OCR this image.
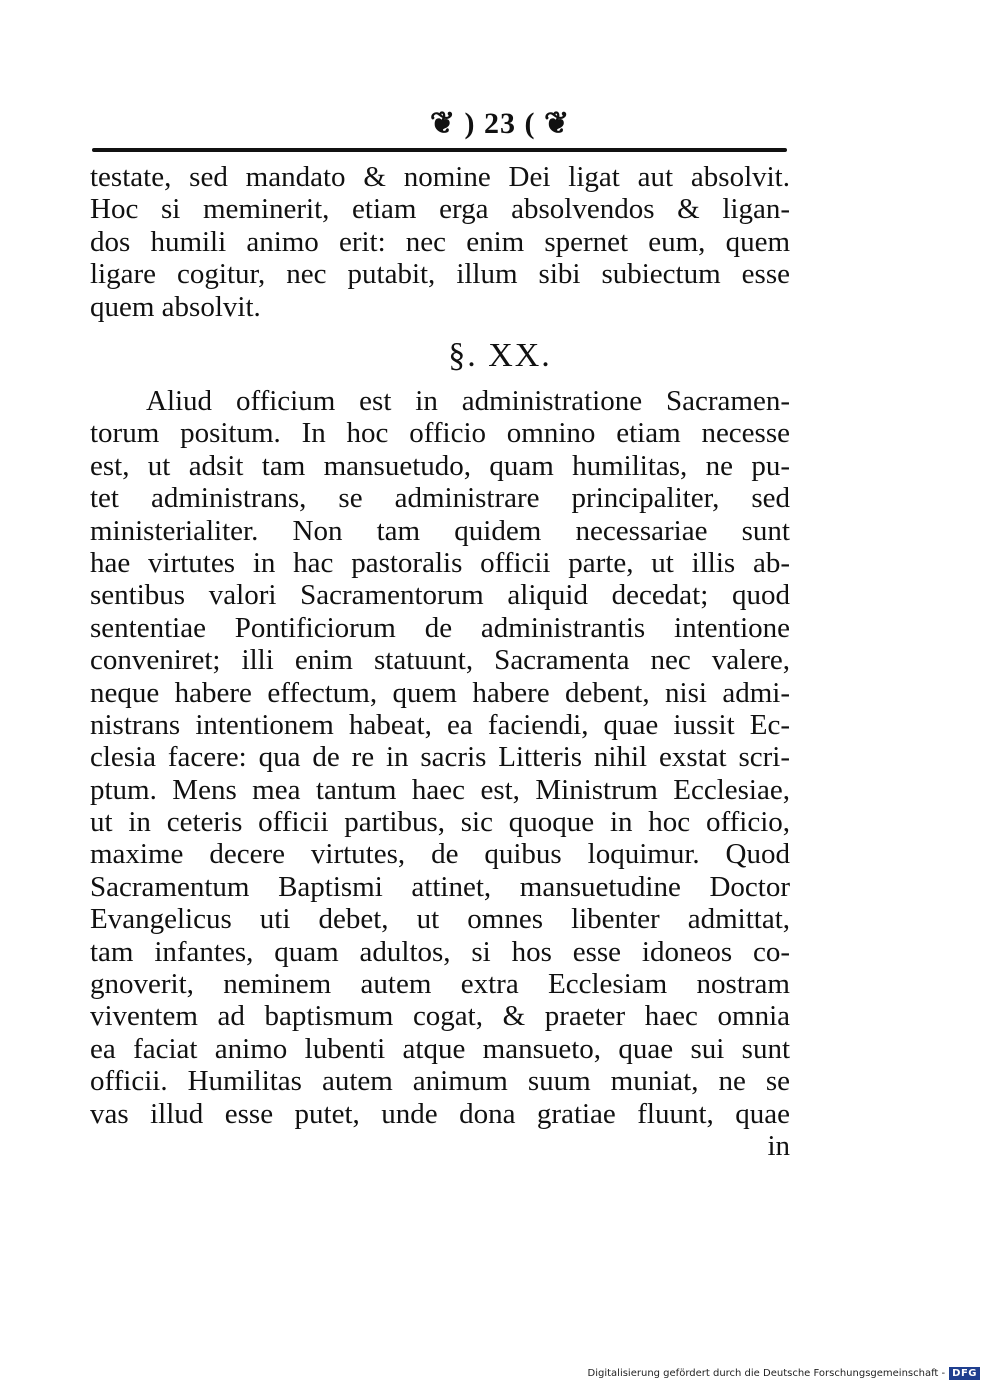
❦ ) 23 ( ❦
testate, sed mandato & nomine Dei ligat aut absolvit.
Hoc si meminerit, etiam erga absolvendos & ligan-
dos humili animo erit: nec enim spernet eum, quem
ligare cogitur, nec putabit, illum sibi subiectum esse
quem absolvit.
§. XX.
Aliud officium est in administratione Sacramen-
torum positum. In hoc officio omnino etiam necesse
est, ut adsit tam mansuetudo, quam humilitas, ne pu-
tet administrans, se administrare principaliter, sed
ministerialiter. Non tam quidem necessariae sunt
hae virtutes in hac pastoralis officii parte, ut illis ab-
sentibus valori Sacramentorum aliquid decedat; quod
sententiae Pontificiorum de administrantis intentione
conveniret; illi enim statuunt, Sacramenta nec valere,
neque habere effectum, quem habere debent, nisi admi-
nistrans intentionem habeat, ea faciendi, quae iussit Ec-
clesia facere: qua de re in sacris Litteris nihil exstat scri-
ptum. Mens mea tantum haec est, Ministrum Ecclesiae,
ut in ceteris officii partibus, sic quoque in hoc officio,
maxime decere virtutes, de quibus loquimur. Quod
Sacramentum Baptismi attinet, mansuetudine Doctor
Evangelicus uti debet, ut omnes libenter admittat,
tam infantes, quam adultos, si hos esse idoneos co-
gnoverit, neminem autem extra Ecclesiam nostram
viventem ad baptismum cogat, & praeter haec omnia
ea faciat animo lubenti atque mansueto, quae sui sunt
officii. Humilitas autem animum suum muniat, ne se
vas illud esse putet, unde dona gratiae fluunt, quae
in
Digitalisierung gefördert durch die Deutsche Forschungsgemeinschaft - DFG
